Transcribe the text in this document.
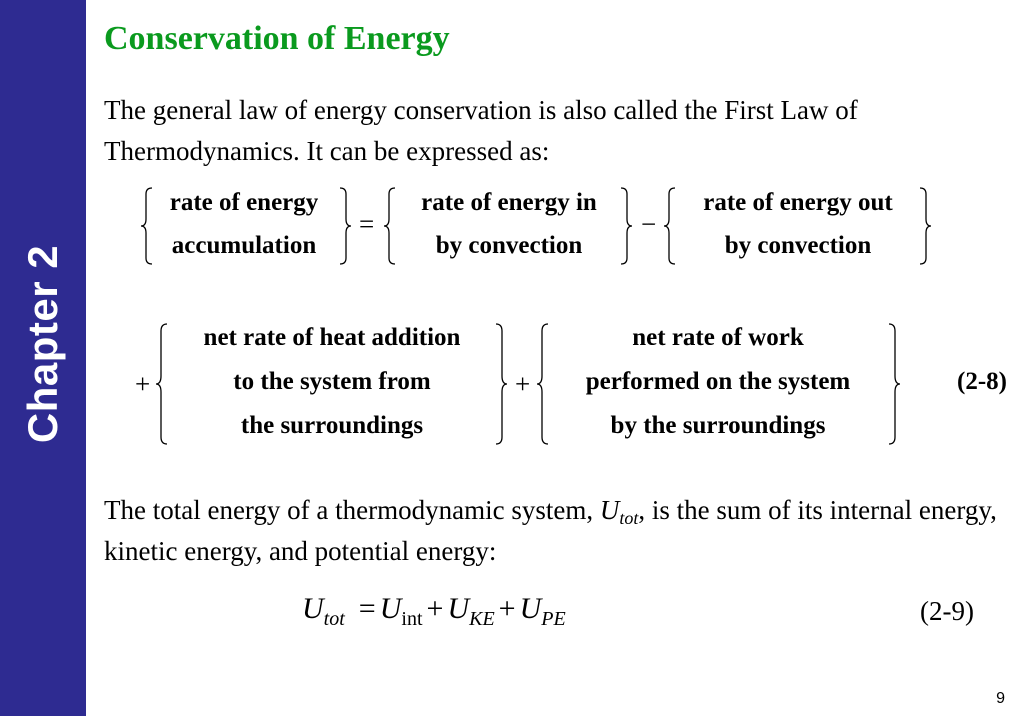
Chapter 2
Conservation of Energy

The general law of energy conservation is also called the First Law of Thermodynamics. It can be expressed as:

rate of energy
accumulation
=
rate of energy in
by convection
−
rate of energy out
by convection
+
net rate of heat addition
to the system from
the surroundings
+
net rate of work
performed on the system
by the surroundings
(2-8)

The total energy of a thermodynamic system, $U_{tot}$, is the sum of its internal energy, kinetic energy, and potential energy:

$U_{tot} = U_{int} + U_{KE} + U_{PE}$	(2-9)
9
